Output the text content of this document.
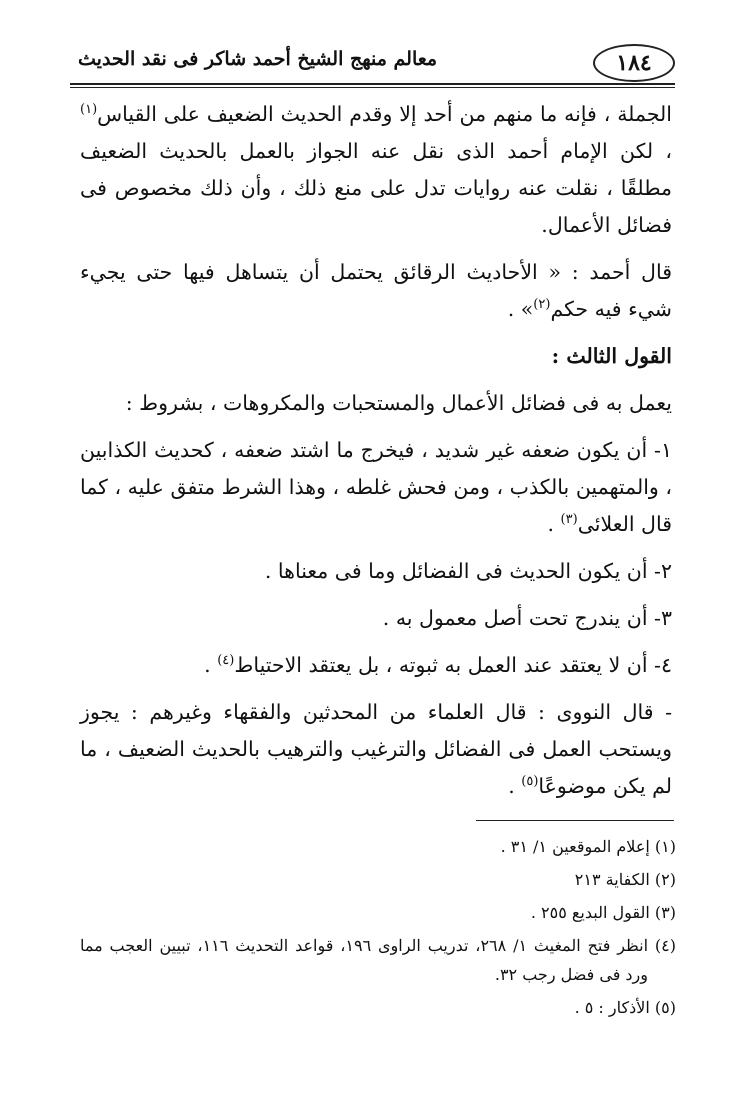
١٨٤
معالم منهج الشيخ أحمد شاكر فى نقد الحديث

الجملة ، فإنه ما منهم من أحد إلا وقدم الحديث الضعيف على القياس$^{(١)}$ ، لكن الإمام أحمد الذى نقل عنه الجواز بالعمل بالحديث الضعيف مطلقًا ، نقلت عنه روايات تدل على منع ذلك ، وأن ذلك مخصوص فى فضائل الأعمال.

قال أحمد : « الأحاديث الرقائق يحتمل أن يتساهل فيها حتى يجيء شيء فيه حكم$^{(٢)}$» .

القول الثالث :

يعمل به فى فضائل الأعمال والمستحبات والمكروهات ، بشروط :

١- أن يكون ضعفه غير شديد ، فيخرج ما اشتد ضعفه ، كحديث الكذابين ، والمتهمين بالكذب ، ومن فحش غلطه ، وهذا الشرط متفق عليه ، كما قال العلائى$^{(٣)}$ .

٢- أن يكون الحديث فى الفضائل وما فى معناها .

٣- أن يندرج تحت أصل معمول به .

٤- أن لا يعتقد عند العمل به ثبوته ، بل يعتقد الاحتياط$^{(٤)}$ .

- قال النووى : قال العلماء من المحدثين والفقهاء وغيرهم : يجوز ويستحب العمل فى الفضائل والترغيب والترهيب بالحديث الضعيف ، ما لم يكن موضوعًا$^{(٥)}$ .

(١) إعلام الموقعين ١/ ٣١ .

(٢) الكفاية ٢١٣

(٣) القول البديع ٢٥٥ .

(٤) انظر فتح المغيث ١/ ٢٦٨، تدريب الراوى ١٩٦، قواعد التحديث ١١٦، تبيين العجب مما ورد فى فضل رجب ٣٢.

(٥) الأذكار : ٥ .
